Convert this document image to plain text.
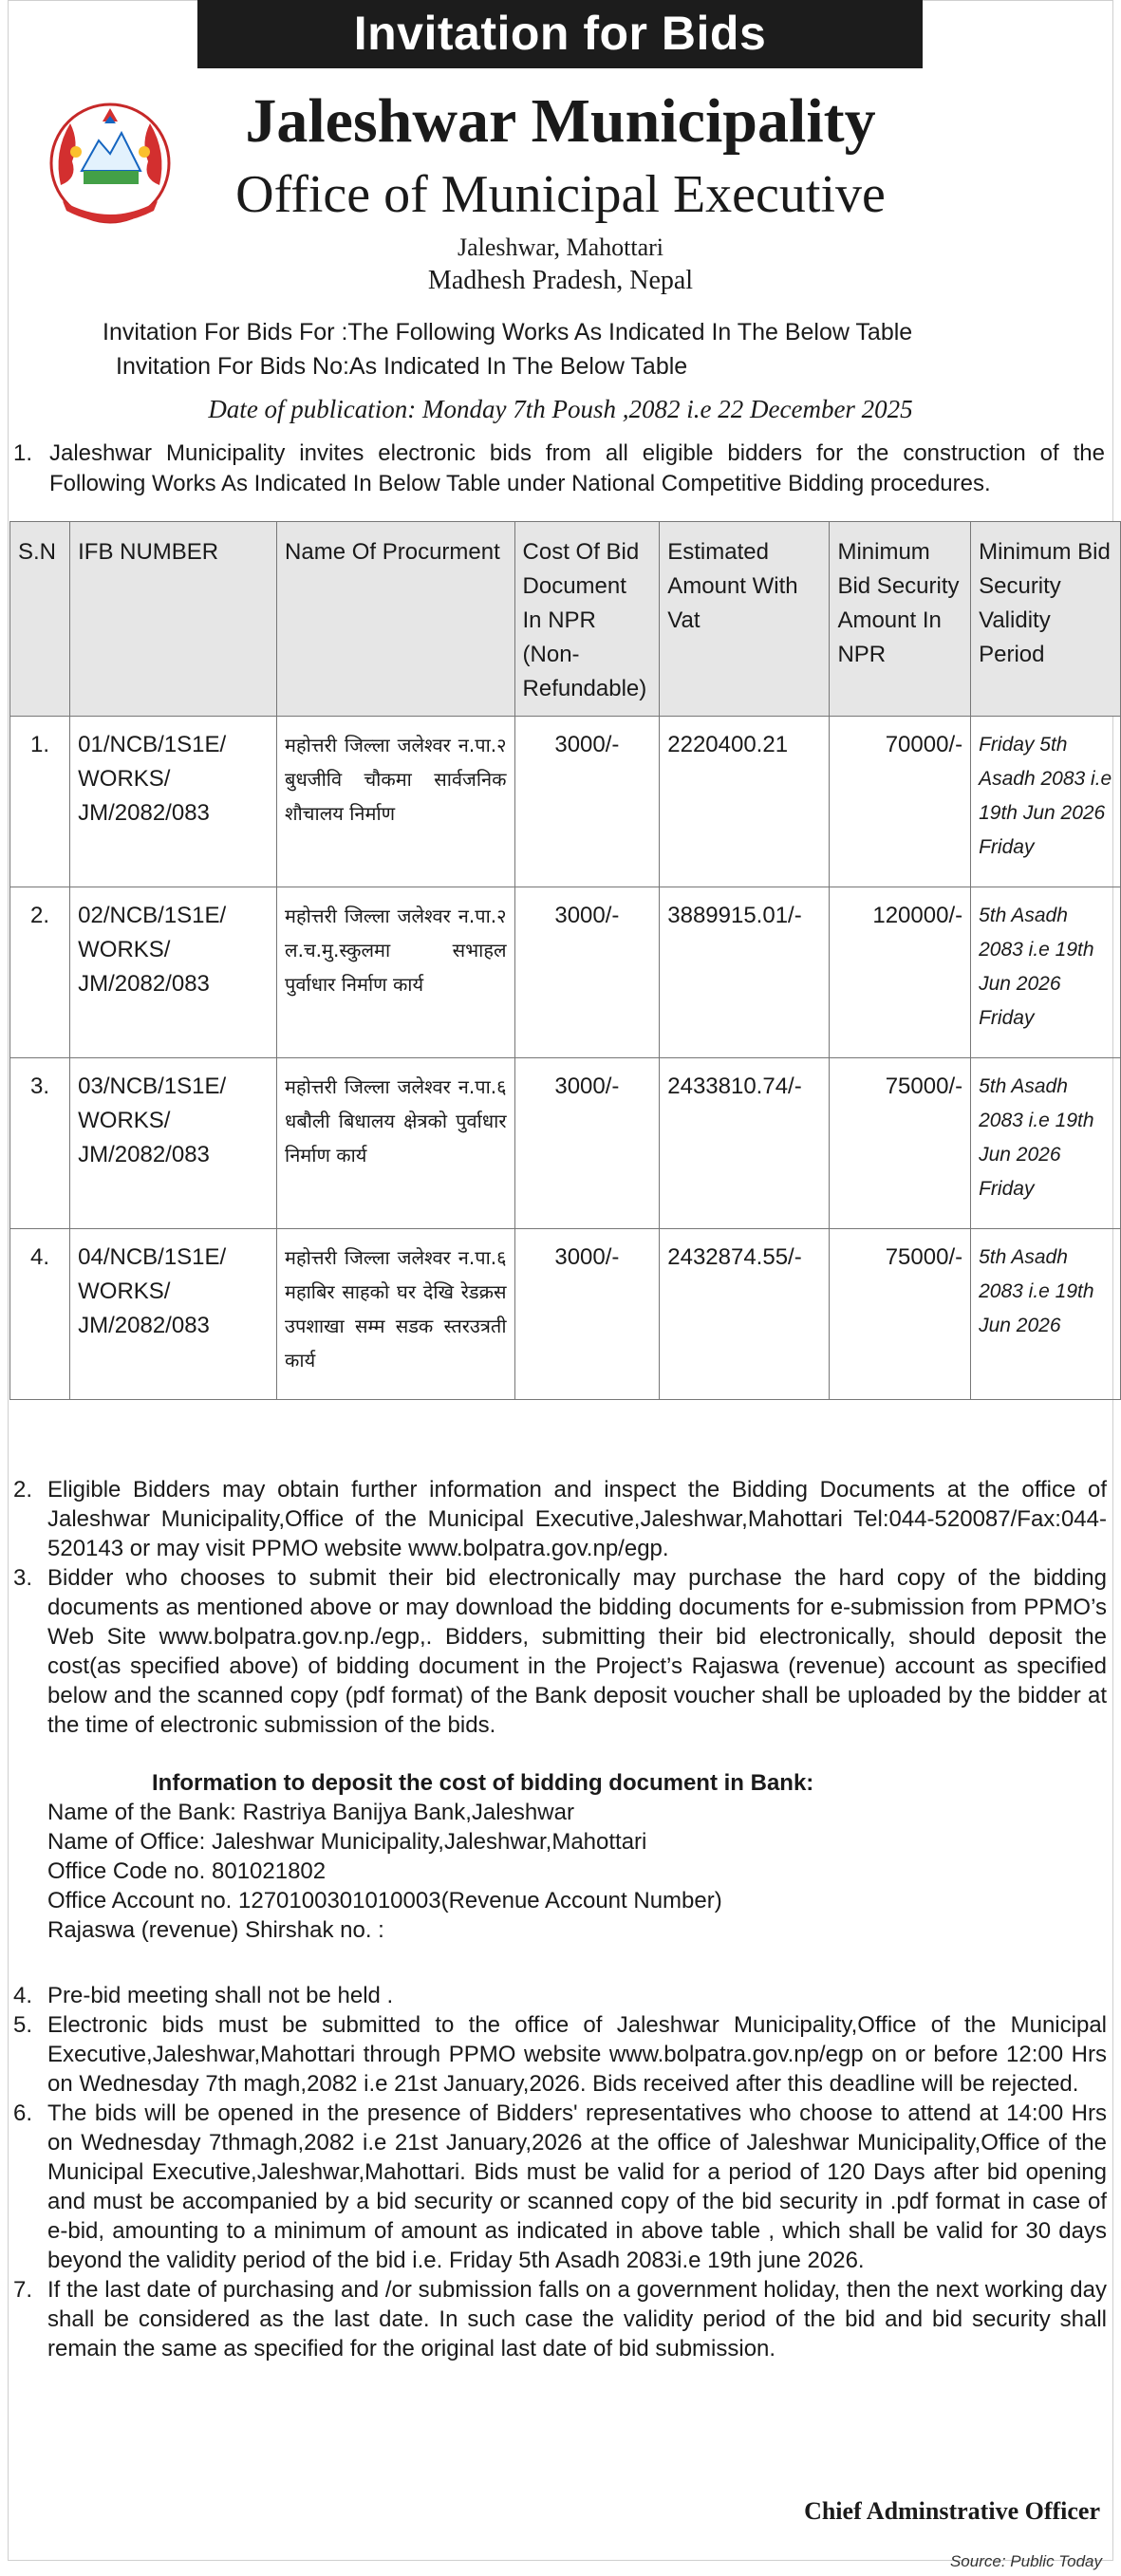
Invitation for Bids
Jaleshwar Municipality
Office of Municipal Executive
Jaleshwar, Mahottari
Madhesh Pradesh, Nepal
Invitation For Bids For :The Following Works As Indicated In The Below Table
Invitation For Bids No:As Indicated In The Below Table
Date of publication: Monday 7th Poush ,2082 i.e 22 December 2025
1. Jaleshwar Municipality invites electronic bids from all eligible bidders for the construction of the Following Works As Indicated In Below Table under National Competitive Bidding procedures.
S.N	IFB NUMBER	Name Of Procurment	Cost Of Bid Document In NPR (Non-Refundable)	Estimated Amount With Vat	Minimum Bid Security Amount In NPR	Minimum Bid Security Validity Period
1.	01/NCB/1S1E/
WORKS/
JM/2082/083	महोत्तरी जिल्ला जलेश्वर न.पा.२ बुधजीवि चौकमा सार्वजनिक शौचालय निर्माण	3000/-	2220400.21	70000/-	Friday 5th Asadh 2083 i.e 19th Jun 2026 Friday
2.	02/NCB/1S1E/
WORKS/
JM/2082/083	महोत्तरी जिल्ला जलेश्वर न.पा.२ ल.च.मु.स्कुलमा सभाहल पुर्वाधार निर्माण कार्य	3000/-	3889915.01/-	120000/-	5th Asadh 2083 i.e 19th Jun 2026 Friday
3.	03/NCB/1S1E/
WORKS/
JM/2082/083	महोत्तरी जिल्ला जलेश्वर न.पा.६ धबौली बिधालय क्षेत्रको पुर्वाधार निर्माण कार्य	3000/-	2433810.74/-	75000/-	5th Asadh 2083 i.e 19th Jun 2026 Friday
4.	04/NCB/1S1E/
WORKS/
JM/2082/083	महोत्तरी जिल्ला जलेश्वर न.पा.६ महाबिर साहको घर देखि रेडक्रस उपशाखा सम्म सडक स्तरउत्रती कार्य	3000/-	2432874.55/-	75000/-	5th Asadh 2083 i.e 19th Jun 2026
2. Eligible Bidders may obtain further information and inspect the Bidding Documents at the office of Jaleshwar Municipality,Office of the Municipal Executive,Jaleshwar,Mahottari Tel:044-520087/Fax:044-520143 or may visit PPMO website www.bolpatra.gov.np/egp.
3. Bidder who chooses to submit their bid electronically may purchase the hard copy of the bidding documents as mentioned above or may download the bidding documents for e-submission from PPMO’s Web Site www.bolpatra.gov.np./egp,. Bidders, submitting their bid electronically, should deposit the cost(as specified above) of bidding document in the Project’s Rajaswa (revenue) account as specified below and the scanned copy (pdf format) of the Bank deposit voucher shall be uploaded by the bidder at the time of electronic submission of the bids.
Information to deposit the cost of bidding document in Bank:
Name of the Bank: Rastriya Banijya Bank,Jaleshwar
Name of Office: Jaleshwar Municipality,Jaleshwar,Mahottari
Office Code no. 801021802
Office Account no. 1270100301010003(Revenue Account Number)
Rajaswa (revenue) Shirshak no. :
4. Pre-bid meeting shall not be held .
5. Electronic bids must be submitted to the office of Jaleshwar Municipality,Office of the Municipal Executive,Jaleshwar,Mahottari through PPMO website www.bolpatra.gov.np/egp on or before 12:00 Hrs on Wednesday 7th magh,2082 i.e 21st January,2026. Bids received after this deadline will be rejected.
6. The bids will be opened in the presence of Bidders' representatives who choose to attend at 14:00 Hrs on Wednesday 7thmagh,2082 i.e 21st January,2026 at the office of Jaleshwar Municipality,Office of the Municipal Executive,Jaleshwar,Mahottari. Bids must be valid for a period of 120 Days after bid opening and must be accompanied by a bid security or scanned copy of the bid security in .pdf format in case of e-bid, amounting to a minimum of amount as indicated in above table , which shall be valid for 30 days beyond the validity period of the bid i.e. Friday 5th Asadh 2083i.e 19th june 2026.
7. If the last date of purchasing and /or submission falls on a government holiday, then the next working day shall be considered as the last date. In such case the validity period of the bid and bid security shall remain the same as specified for the original last date of bid submission.
Chief Adminstrative Officer
Source: Public Today
